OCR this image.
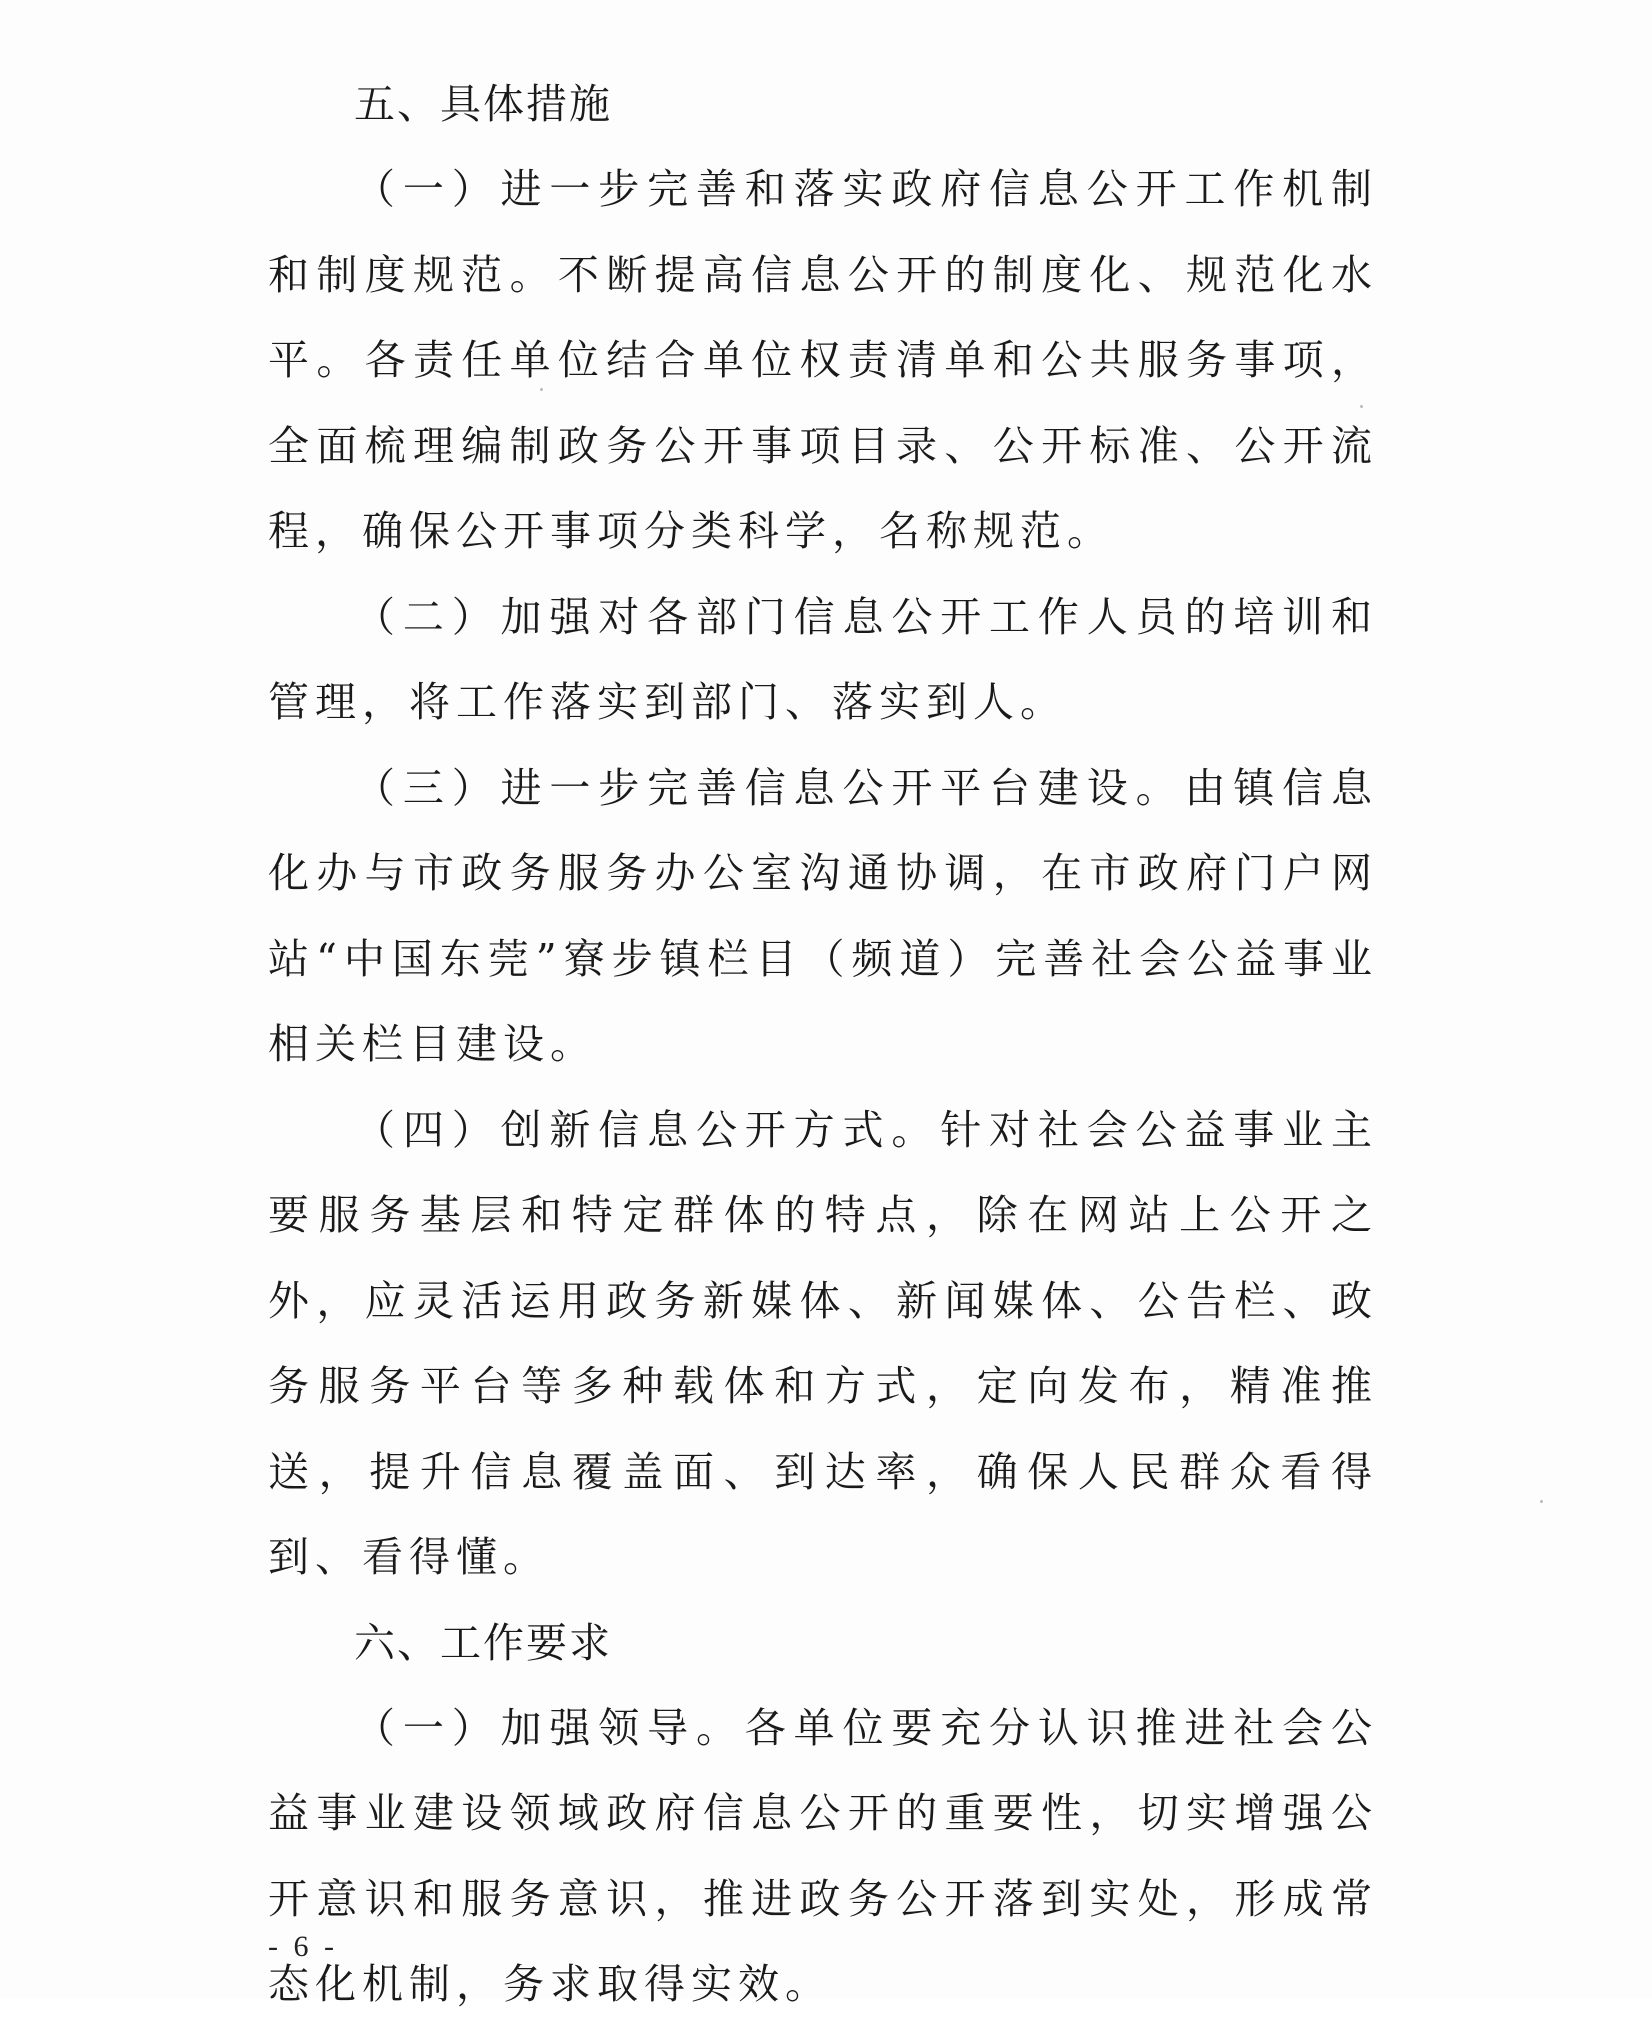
五、具体措施

（一）进一步完善和落实政府信息公开工作机制和制度规范。不断提高信息公开的制度化、规范化水平。各责任单位结合单位权责清单和公共服务事项，全面梳理编制政务公开事项目录、公开标准、公开流程，确保公开事项分类科学，名称规范。

（二）加强对各部门信息公开工作人员的培训和管理，将工作落实到部门、落实到人。

（三）进一步完善信息公开平台建设。由镇信息化办与市政务服务办公室沟通协调，在市政府门户网站“中国东莞”寮步镇栏目（频道）完善社会公益事业相关栏目建设。

（四）创新信息公开方式。针对社会公益事业主要服务基层和特定群体的特点，除在网站上公开之外，应灵活运用政务新媒体、新闻媒体、公告栏、政务服务平台等多种载体和方式，定向发布，精准推送，提升信息覆盖面、到达率，确保人民群众看得到、看得懂。

六、工作要求

（一）加强领导。各单位要充分认识推进社会公益事业建设领域政府信息公开的重要性，切实增强公开意识和服务意识，推进政务公开落到实处，形成常态化机制，务求取得实效。

- 6 -
